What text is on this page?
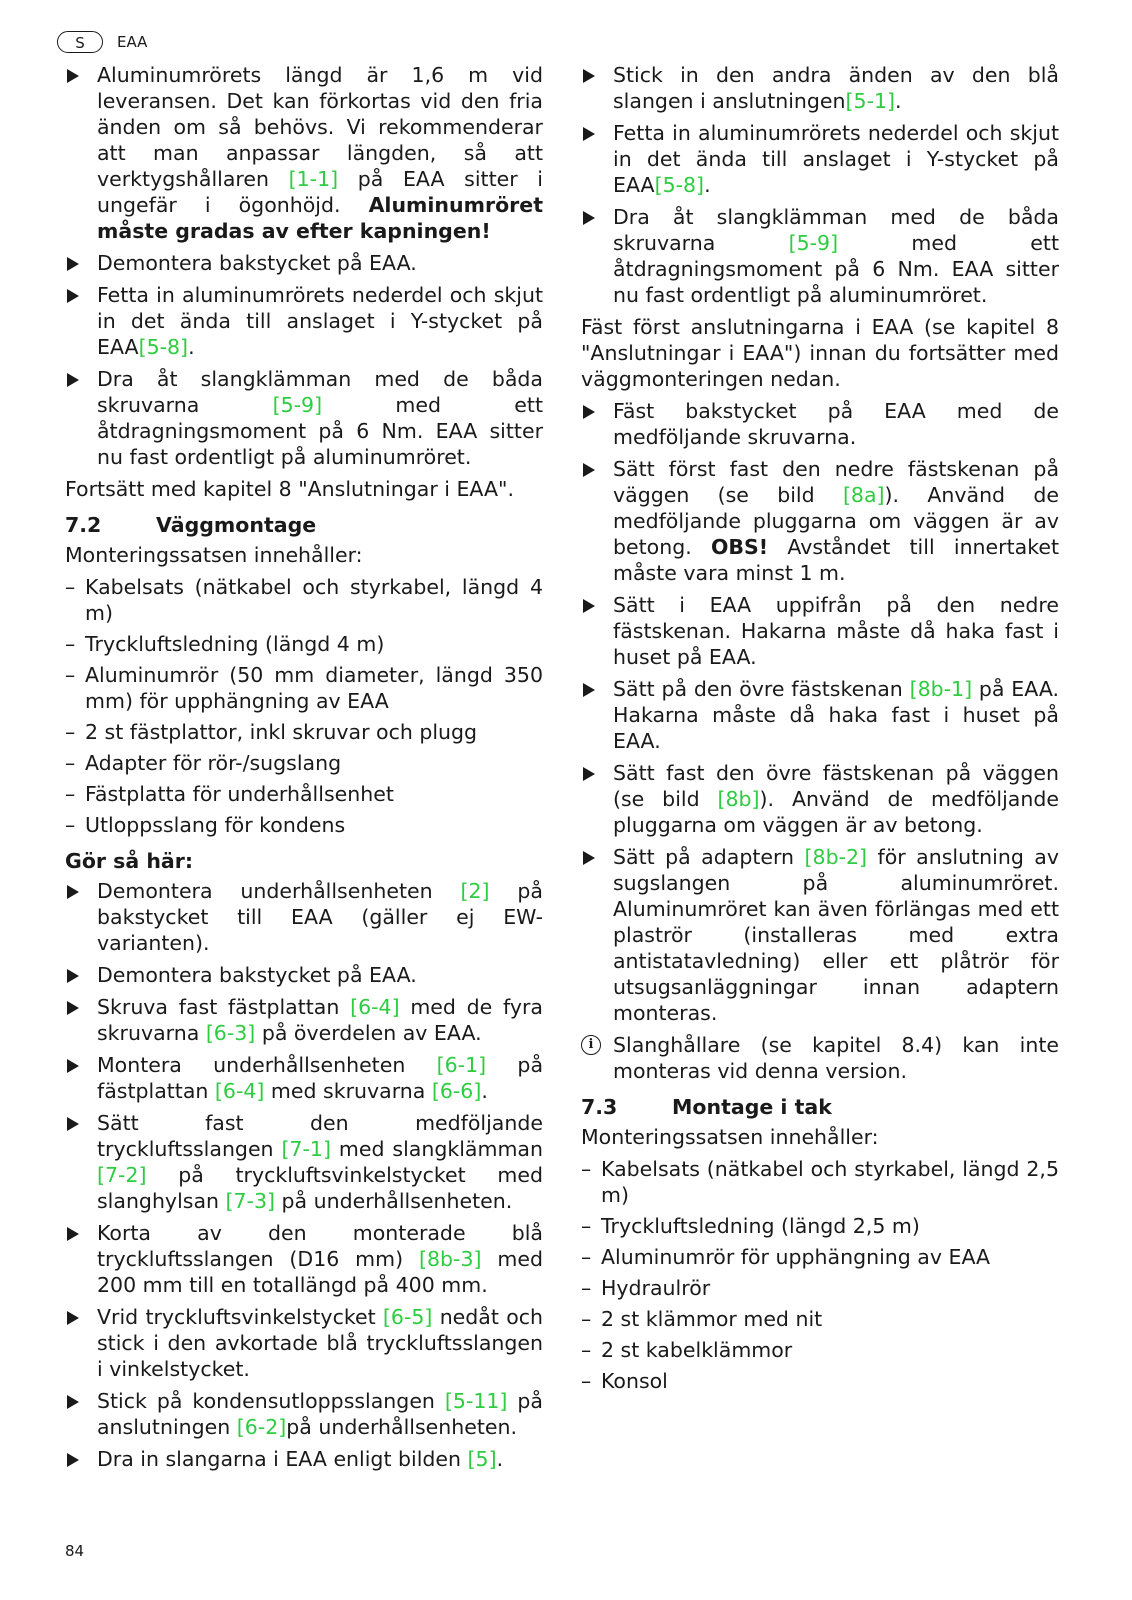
S	EAA
Aluminumrörets längd är 1,6 m vid leveransen. Det kan förkortas vid den fria änden om så behövs. Vi rekommenderar att man anpassar längden, så att verktygshållaren [1-1] på EAA sitter i ungefär i ögonhöjd. Aluminumröret måste gradas av efter kapningen!
Demontera bakstycket på EAA.
Fetta in aluminumrörets nederdel och skjut in det ända till anslaget i Y-stycket på EAA[5-8].
Dra åt slangklämman med de båda skruvarna [5-9] med ett åtdragningsmoment på 6 Nm. EAA sitter nu fast ordentligt på aluminumröret.
Fortsätt med kapitel 8 "Anslutningar i EAA".
7.2	Väggmontage
Monteringssatsen innehåller:
– Kabelsats (nätkabel och styrkabel, längd 4 m)
– Tryckluftsledning (längd 4 m)
– Aluminumrör (50 mm diameter, längd 350 mm) för upphängning av EAA
– 2 st fästplattor, inkl skruvar och plugg
– Adapter för rör-/sugslang
– Fästplatta för underhållsenhet
– Utloppsslang för kondens
Gör så här:
Demontera underhållsenheten [2] på bakstycket till EAA (gäller ej EW-varianten).
Demontera bakstycket på EAA.
Skruva fast fästplattan [6-4] med de fyra skruvarna [6-3] på överdelen av EAA.
Montera underhållsenheten [6-1] på fästplattan [6-4] med skruvarna [6-6].
Sätt fast den medföljande tryckluftsslangen [7-1] med slangklämman [7-2] på tryckluftsvinkelstycket med slanghylsan [7-3] på underhållsenheten.
Korta av den monterade blå tryckluftsslangen (D16 mm) [8b-3] med 200 mm till en totallängd på 400 mm.
Vrid tryckluftsvinkelstycket [6-5] nedåt och stick i den avkortade blå tryckluftsslangen i vinkelstycket.
Stick på kondensutloppsslangen [5-11] på anslutningen [6-2]på underhållsenheten.
Dra in slangarna i EAA enligt bilden [5].
Stick in den andra änden av den blå slangen i anslutningen[5-1].
Fetta in aluminumrörets nederdel och skjut in det ända till anslaget i Y-stycket på EAA[5-8].
Dra åt slangklämman med de båda skruvarna [5-9] med ett åtdragningsmoment på 6 Nm. EAA sitter nu fast ordentligt på aluminumröret.
Fäst först anslutningarna i EAA (se kapitel 8 "Anslutningar i EAA") innan du fortsätter med väggmonteringen nedan.
Fäst bakstycket på EAA med de medföljande skruvarna.
Sätt först fast den nedre fästskenan på väggen (se bild [8a]). Använd de medföljande pluggarna om väggen är av betong. OBS! Avståndet till innertaket måste vara minst 1 m.
Sätt i EAA uppifrån på den nedre fästskenan. Hakarna måste då haka fast i huset på EAA.
Sätt på den övre fästskenan [8b-1] på EAA. Hakarna måste då haka fast i huset på EAA.
Sätt fast den övre fästskenan på väggen (se bild [8b]). Använd de medföljande pluggarna om väggen är av betong.
Sätt på adaptern [8b-2] för anslutning av sugslangen på aluminumröret. Aluminumröret kan även förlängas med ett plaströr (installeras med extra antistatavledning) eller ett plåtrör för utsugsanläggningar innan adaptern monteras.
i Slanghållare (se kapitel 8.4) kan inte monteras vid denna version.
7.3	Montage i tak
Monteringssatsen innehåller:
– Kabelsats (nätkabel och styrkabel, längd 2,5 m)
– Tryckluftsledning (längd 2,5 m)
– Aluminumrör för upphängning av EAA
– Hydraulrör
– 2 st klämmor med nit
– 2 st kabelklämmor
– Konsol
84
